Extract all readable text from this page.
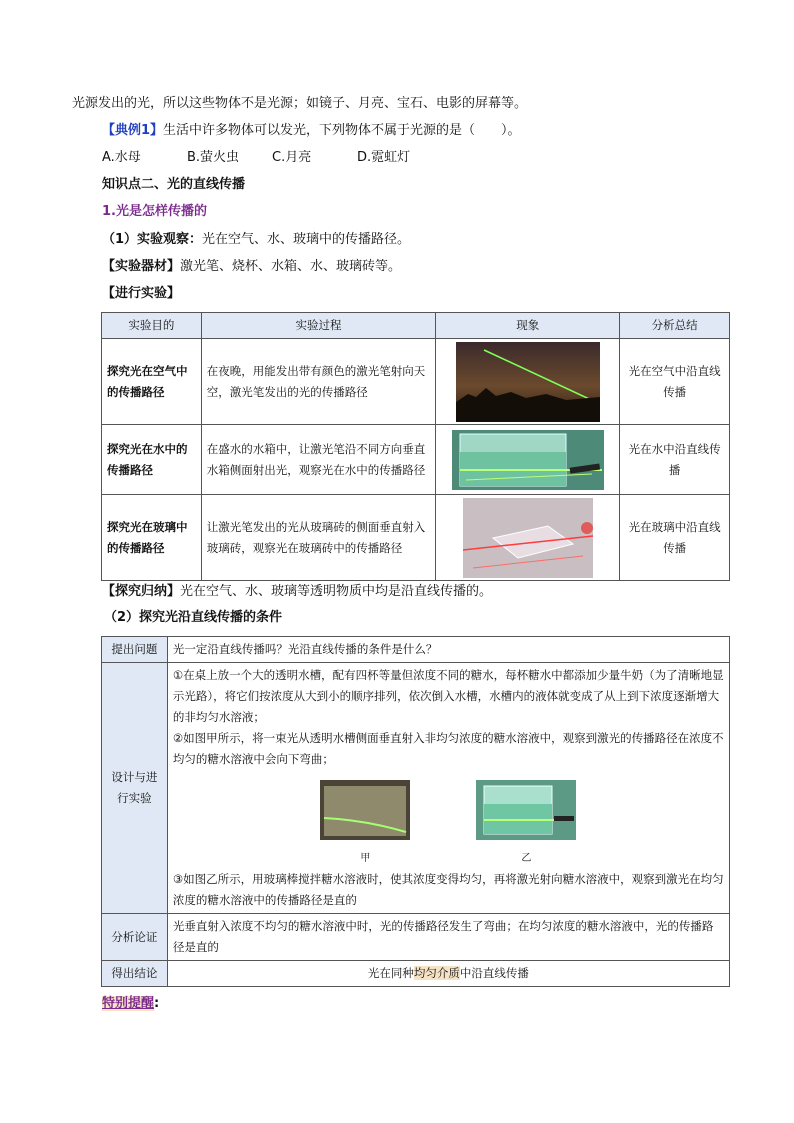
光源发出的光，所以这些物体不是光源；如镜子、月亮、宝石、电影的屏幕等。
【典例1】生活中许多物体可以发光，下列物体不属于光源的是（　　）。
A.水母	B.萤火虫	C.月亮	D.霓虹灯
知识点二、光的直线传播
1.光是怎样传播的
（1）实验观察：光在空气、水、玻璃中的传播路径。
【实验器材】激光笔、烧杯、水箱、水、玻璃砖等。
【进行实验】
实验目的	实验过程	现象	分析总结
探究光在空气中的传播路径	在夜晚，用能发出带有颜色的激光笔射向天空，激光笔发出的光的传播路径		光在空气中沿直线传播
探究光在水中的传播路径	在盛水的水箱中，让激光笔沿不同方向垂直水箱侧面射出光，观察光在水中的传播路径		光在水中沿直线传播
探究光在玻璃中的传播路径	让激光笔发出的光从玻璃砖的侧面垂直射入玻璃砖，观察光在玻璃砖中的传播路径		光在玻璃中沿直线传播
【探究归纳】光在空气、水、玻璃等透明物质中均是沿直线传播的。
（2）探究光沿直线传播的条件
提出问题	光一定沿直线传播吗？光沿直线传播的条件是什么？
设计与进行实验	①在桌上放一个大的透明水槽，配有四杯等量但浓度不同的糖水，每杯糖水中都添加少量牛奶（为了清晰地显示光路），将它们按浓度从大到小的顺序排列，依次倒入水槽，水槽内的液体就变成了从上到下浓度逐渐增大的非均匀水溶液；
②如图甲所示，将一束光从透明水槽侧面垂直射入非均匀浓度的糖水溶液中，观察到激光的传播路径在浓度不均匀的糖水溶液中会向下弯曲；
甲 乙
③如图乙所示，用玻璃棒搅拌糖水溶液时，使其浓度变得均匀，再将激光射向糖水溶液中，观察到激光在均匀浓度的糖水溶液中的传播路径是直的

分析论证	光垂直射入浓度不均匀的糖水溶液中时，光的传播路径发生了弯曲；在均匀浓度的糖水溶液中，光的传播路径是直的
得出结论	光在同种均匀介质中沿直线传播
特别提醒:
